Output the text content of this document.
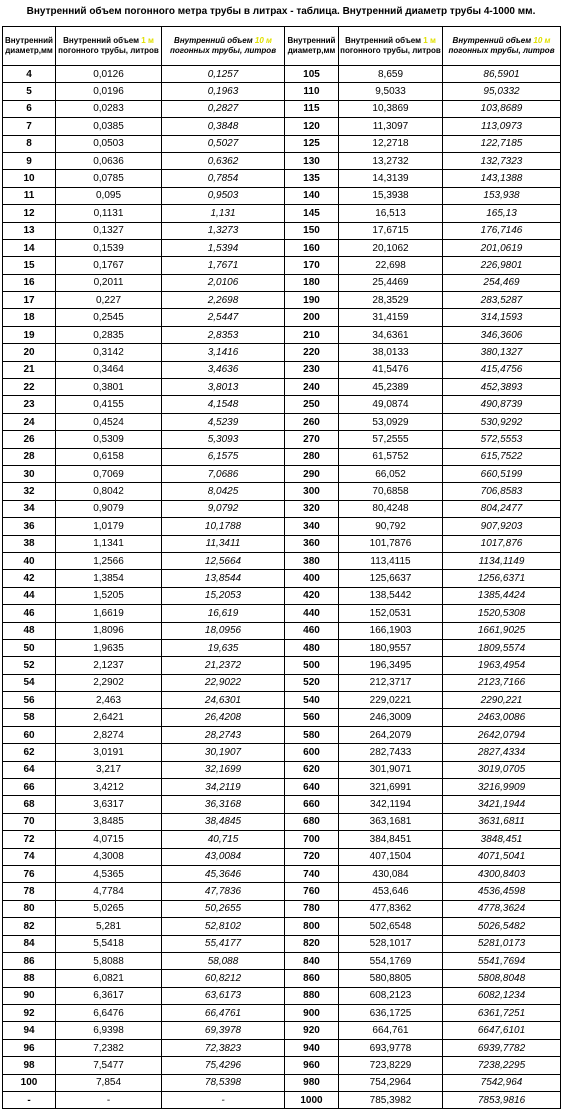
Внутренний объем погонного метра трубы в литрах - таблица. Внутренний диаметр трубы 4-1000 мм.
Внутренний диаметр,мм	Внутренний объем 1 м погонного трубы, литров	Внутренний объем 10 м погонных трубы, литров	Внутренний диаметр,мм	Внутренний объем 1 м погонного трубы, литров	Внутренний объем 10 м погонных трубы, литров
4	0,0126	0,1257	105	8,659	86,5901
5	0,0196	0,1963	110	9,5033	95,0332
6	0,0283	0,2827	115	10,3869	103,8689
7	0,0385	0,3848	120	11,3097	113,0973
8	0,0503	0,5027	125	12,2718	122,7185
9	0,0636	0,6362	130	13,2732	132,7323
10	0,0785	0,7854	135	14,3139	143,1388
11	0,095	0,9503	140	15,3938	153,938
12	0,1131	1,131	145	16,513	165,13
13	0,1327	1,3273	150	17,6715	176,7146
14	0,1539	1,5394	160	20,1062	201,0619
15	0,1767	1,7671	170	22,698	226,9801
16	0,2011	2,0106	180	25,4469	254,469
17	0,227	2,2698	190	28,3529	283,5287
18	0,2545	2,5447	200	31,4159	314,1593
19	0,2835	2,8353	210	34,6361	346,3606
20	0,3142	3,1416	220	38,0133	380,1327
21	0,3464	3,4636	230	41,5476	415,4756
22	0,3801	3,8013	240	45,2389	452,3893
23	0,4155	4,1548	250	49,0874	490,8739
24	0,4524	4,5239	260	53,0929	530,9292
26	0,5309	5,3093	270	57,2555	572,5553
28	0,6158	6,1575	280	61,5752	615,7522
30	0,7069	7,0686	290	66,052	660,5199
32	0,8042	8,0425	300	70,6858	706,8583
34	0,9079	9,0792	320	80,4248	804,2477
36	1,0179	10,1788	340	90,792	907,9203
38	1,1341	11,3411	360	101,7876	1017,876
40	1,2566	12,5664	380	113,4115	1134,1149
42	1,3854	13,8544	400	125,6637	1256,6371
44	1,5205	15,2053	420	138,5442	1385,4424
46	1,6619	16,619	440	152,0531	1520,5308
48	1,8096	18,0956	460	166,1903	1661,9025
50	1,9635	19,635	480	180,9557	1809,5574
52	2,1237	21,2372	500	196,3495	1963,4954
54	2,2902	22,9022	520	212,3717	2123,7166
56	2,463	24,6301	540	229,0221	2290,221
58	2,6421	26,4208	560	246,3009	2463,0086
60	2,8274	28,2743	580	264,2079	2642,0794
62	3,0191	30,1907	600	282,7433	2827,4334
64	3,217	32,1699	620	301,9071	3019,0705
66	3,4212	34,2119	640	321,6991	3216,9909
68	3,6317	36,3168	660	342,1194	3421,1944
70	3,8485	38,4845	680	363,1681	3631,6811
72	4,0715	40,715	700	384,8451	3848,451
74	4,3008	43,0084	720	407,1504	4071,5041
76	4,5365	45,3646	740	430,084	4300,8403
78	4,7784	47,7836	760	453,646	4536,4598
80	5,0265	50,2655	780	477,8362	4778,3624
82	5,281	52,8102	800	502,6548	5026,5482
84	5,5418	55,4177	820	528,1017	5281,0173
86	5,8088	58,088	840	554,1769	5541,7694
88	6,0821	60,8212	860	580,8805	5808,8048
90	6,3617	63,6173	880	608,2123	6082,1234
92	6,6476	66,4761	900	636,1725	6361,7251
94	6,9398	69,3978	920	664,761	6647,6101
96	7,2382	72,3823	940	693,9778	6939,7782
98	7,5477	75,4296	960	723,8229	7238,2295
100	7,854	78,5398	980	754,2964	7542,964
-	-	-	1000	785,3982	7853,9816
